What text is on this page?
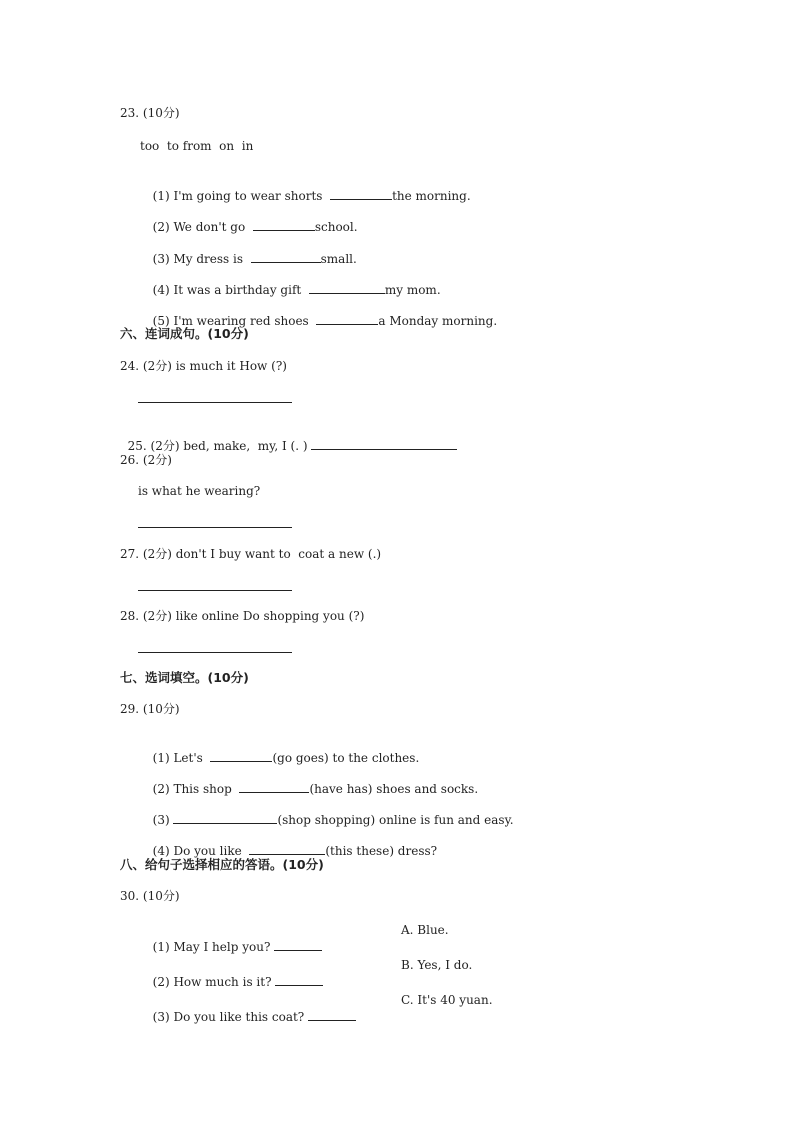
23. (10分)
too  to from  on  in

(1) I'm going to wear shorts	the morning.

(2) We don't go	school.

(3) My dress is	small.

(4) It was a birthday gift	my mom.

(5) I'm wearing red shoes	a Monday morning.

六、连词成句。(10分)
24. (2分) is much it How (?)

25. (2分) bed, make,  my, I (. )

26. (2分)
is what he wearing?
27. (2分) don't I buy want to  coat a new (.)
28. (2分) like online Do shopping you (?)
七、选词填空。(10分)
29. (10分)

(1) Let's	(go goes) to the clothes.

(2) This shop	(have has) shoes and socks.

(3)	(shop shopping) online is fun and easy.

(4) Do you like	(this these) dress?

八、给句子选择相应的答语。(10分)
30. (10分)

(1) May I help you?

A. Blue.

(2) How much is it?

B. Yes, I do.

(3) Do you like this coat?

C. It's 40 yuan.
